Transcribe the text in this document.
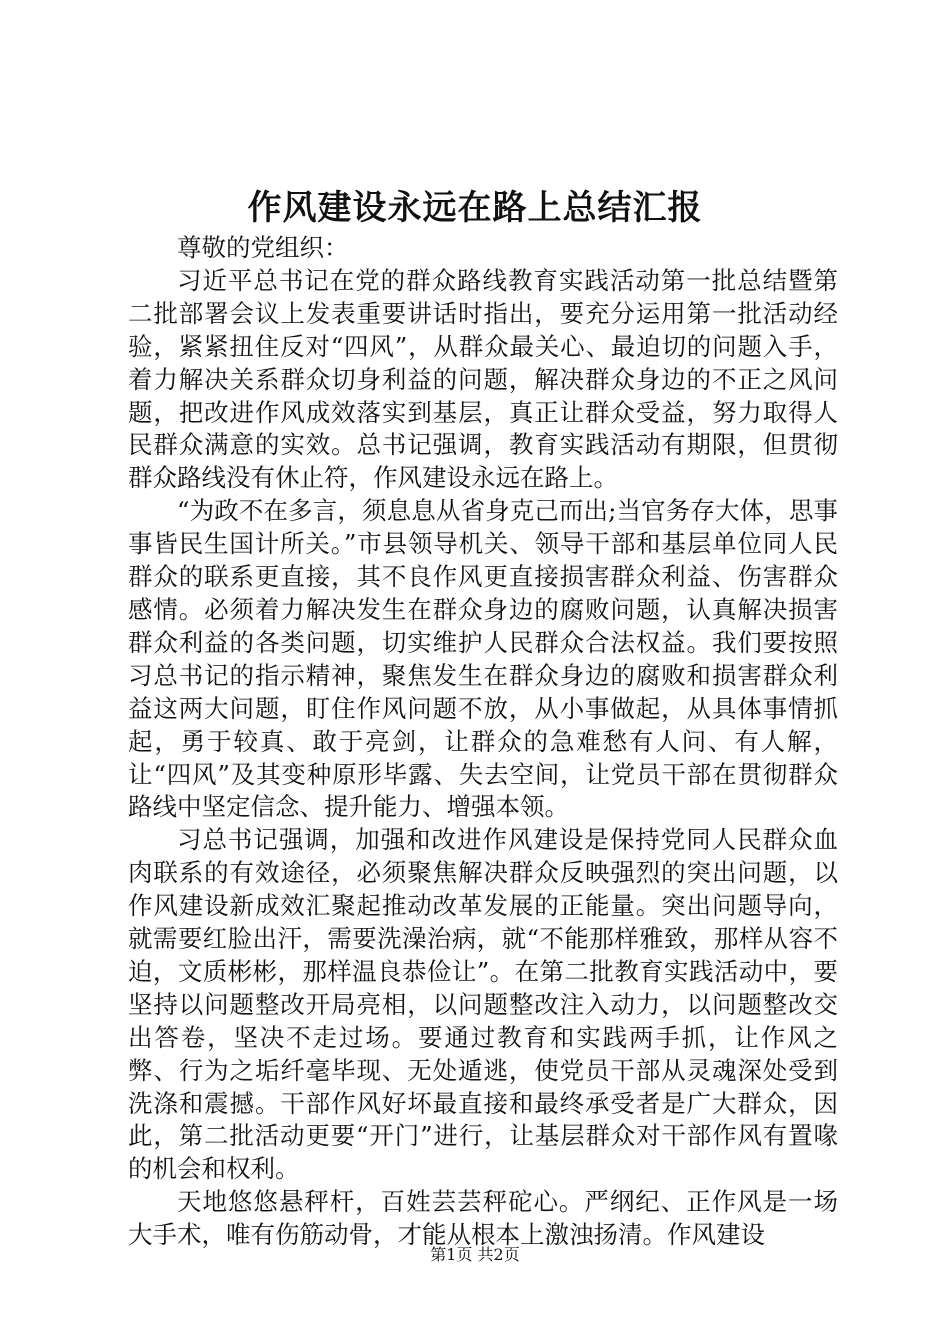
作风建设永远在路上总结汇报

尊敬的党组织：

习近平总书记在党的群众路线教育实践活动第一批总结暨第二批部署会议上发表重要讲话时指出，要充分运用第一批活动经验，紧紧扭住反对“四风”，从群众最关心、最迫切的问题入手，着力解决关系群众切身利益的问题，解决群众身边的不正之风问题，把改进作风成效落实到基层，真正让群众受益，努力取得人民群众满意的实效。总书记强调，教育实践活动有期限，但贯彻群众路线没有休止符，作风建设永远在路上。

“为政不在多言，须息息从省身克己而出;当官务存大体，思事事皆民生国计所关。”市县领导机关、领导干部和基层单位同人民群众的联系更直接，其不良作风更直接损害群众利益、伤害群众感情。必须着力解决发生在群众身边的腐败问题，认真解决损害群众利益的各类问题，切实维护人民群众合法权益。我们要按照习总书记的指示精神，聚焦发生在群众身边的腐败和损害群众利益这两大问题，盯住作风问题不放，从小事做起，从具体事情抓起，勇于较真、敢于亮剑，让群众的急难愁有人问、有人解，让“四风”及其变种原形毕露、失去空间，让党员干部在贯彻群众路线中坚定信念、提升能力、增强本领。

习总书记强调，加强和改进作风建设是保持党同人民群众血肉联系的有效途径，必须聚焦解决群众反映强烈的突出问题，以作风建设新成效汇聚起推动改革发展的正能量。突出问题导向，就需要红脸出汗，需要洗澡治病，就“不能那样雅致，那样从容不迫，文质彬彬，那样温良恭俭让”。在第二批教育实践活动中，要坚持以问题整改开局亮相，以问题整改注入动力，以问题整改交出答卷，坚决不走过场。要通过教育和实践两手抓，让作风之弊、行为之垢纤毫毕现、无处遁逃，使党员干部从灵魂深处受到洗涤和震撼。干部作风好坏最直接和最终承受者是广大群众，因此，第二批活动更要“开门”进行，让基层群众对干部作风有置喙的机会和权利。

天地悠悠悬秤杆，百姓芸芸秤砣心。严纲纪、正作风是一场大手术，唯有伤筋动骨，才能从根本上激浊扬清。作风建设

第1页 共2页
